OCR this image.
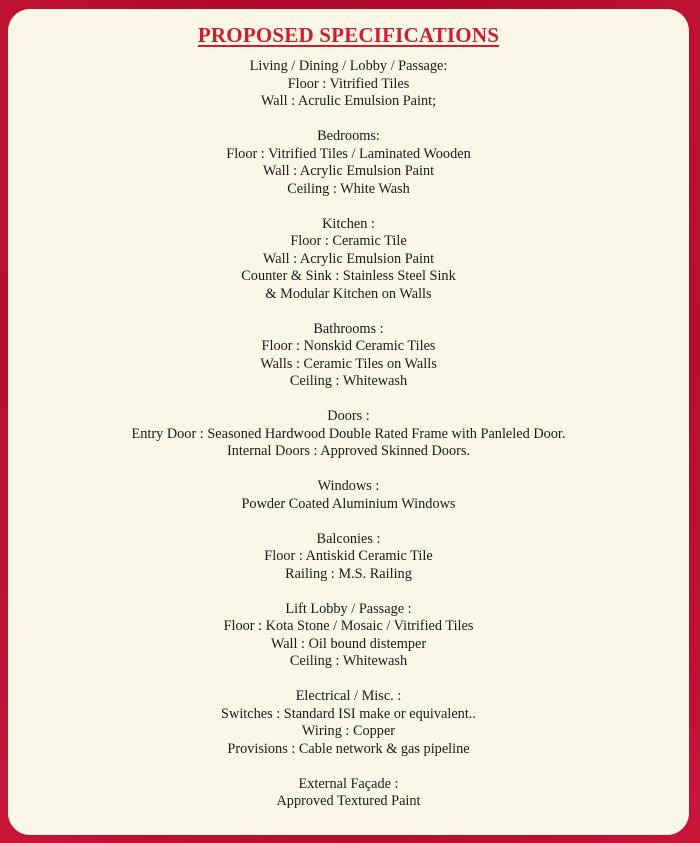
PROPOSED SPECIFICATIONS
Living / Dining / Lobby / Passage:
Floor : Vitrified Tiles
Wall : Acrulic Emulsion Paint;
Bedrooms:
Floor : Vitrified Tiles / Laminated Wooden
Wall : Acrylic Emulsion Paint
Ceiling : White Wash
Kitchen :
Floor : Ceramic Tile
Wall : Acrylic Emulsion Paint
Counter & Sink : Stainless Steel Sink
& Modular Kitchen on Walls
Bathrooms :
Floor : Nonskid Ceramic Tiles
Walls : Ceramic Tiles on Walls
Ceiling : Whitewash
Doors :
Entry Door : Seasoned Hardwood Double Rated Frame with Panleled Door.
Internal Doors : Approved Skinned Doors.
Windows :
Powder Coated Aluminium Windows
Balconies :
Floor : Antiskid Ceramic Tile
Railing : M.S. Railing
Lift Lobby / Passage :
Floor : Kota Stone / Mosaic / Vitrified Tiles
Wall : Oil bound distemper
Ceiling : Whitewash
Electrical / Misc. :
Switches : Standard ISI make or equivalent..
Wiring : Copper
Provisions : Cable network & gas pipeline
External Façade :
Approved Textured Paint
